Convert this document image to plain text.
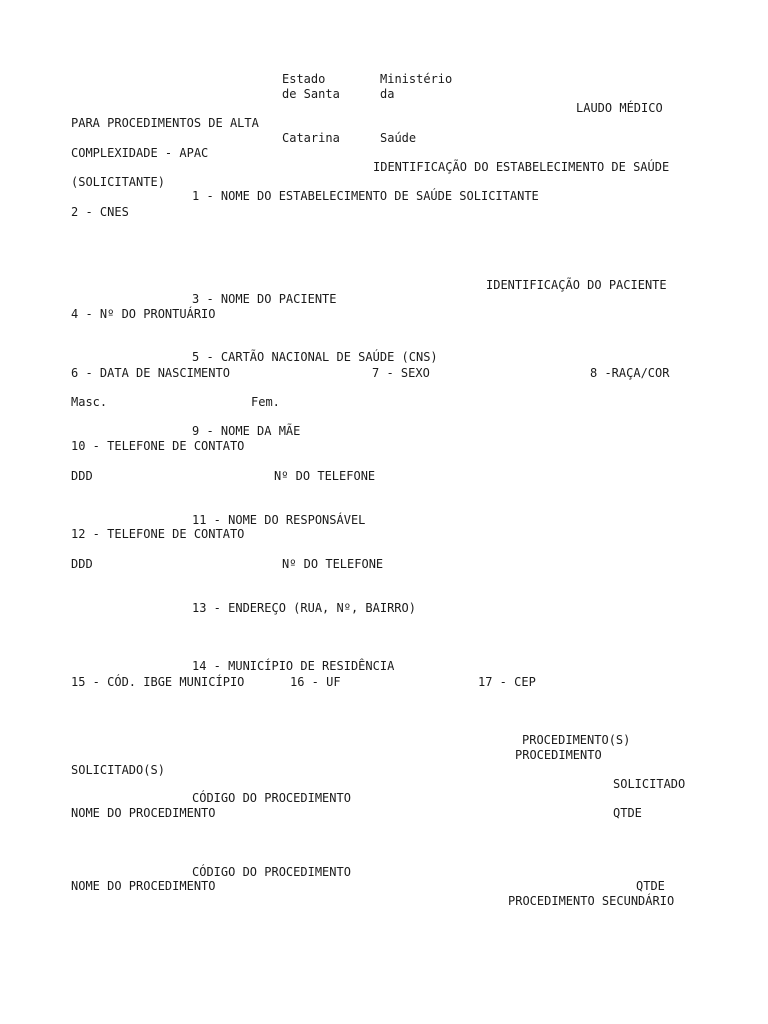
Estado
de Santa
Ministério
da
LAUDO MÉDICO
PARA PROCEDIMENTOS DE ALTA
Catarina	Saúde
COMPLEXIDADE - APAC
IDENTIFICAÇÃO DO ESTABELECIMENTO DE SAÚDE
(SOLICITANTE)
1 - NOME DO ESTABELECIMENTO DE SAÚDE SOLICITANTE
2 - CNES
IDENTIFICAÇÃO DO PACIENTE
3 - NOME DO PACIENTE
4 - Nº DO PRONTUÁRIO
5 - CARTÃO NACIONAL DE SAÚDE (CNS)
6 - DATA DE NASCIMENTO	7 - SEXO	8 -RAÇA/COR
Masc.	Fem.
9 - NOME DA MÃE
10 - TELEFONE DE CONTATO
DDD	Nº DO TELEFONE
11 - NOME DO RESPONSÁVEL
12 - TELEFONE DE CONTATO
DDD	Nº DO TELEFONE
13 - ENDEREÇO (RUA, Nº, BAIRRO)
14 - MUNICÍPIO DE RESIDÊNCIA
15 - CÓD. IBGE MUNICÍPIO	16 - UF	17 - CEP
PROCEDIMENTO(S)
PROCEDIMENTO
SOLICITADO(S)
SOLICITADO
CÓDIGO DO PROCEDIMENTO
NOME DO PROCEDIMENTO	QTDE
CÓDIGO DO PROCEDIMENTO
NOME DO PROCEDIMENTO	QTDE
PROCEDIMENTO SECUNDÁRIO
